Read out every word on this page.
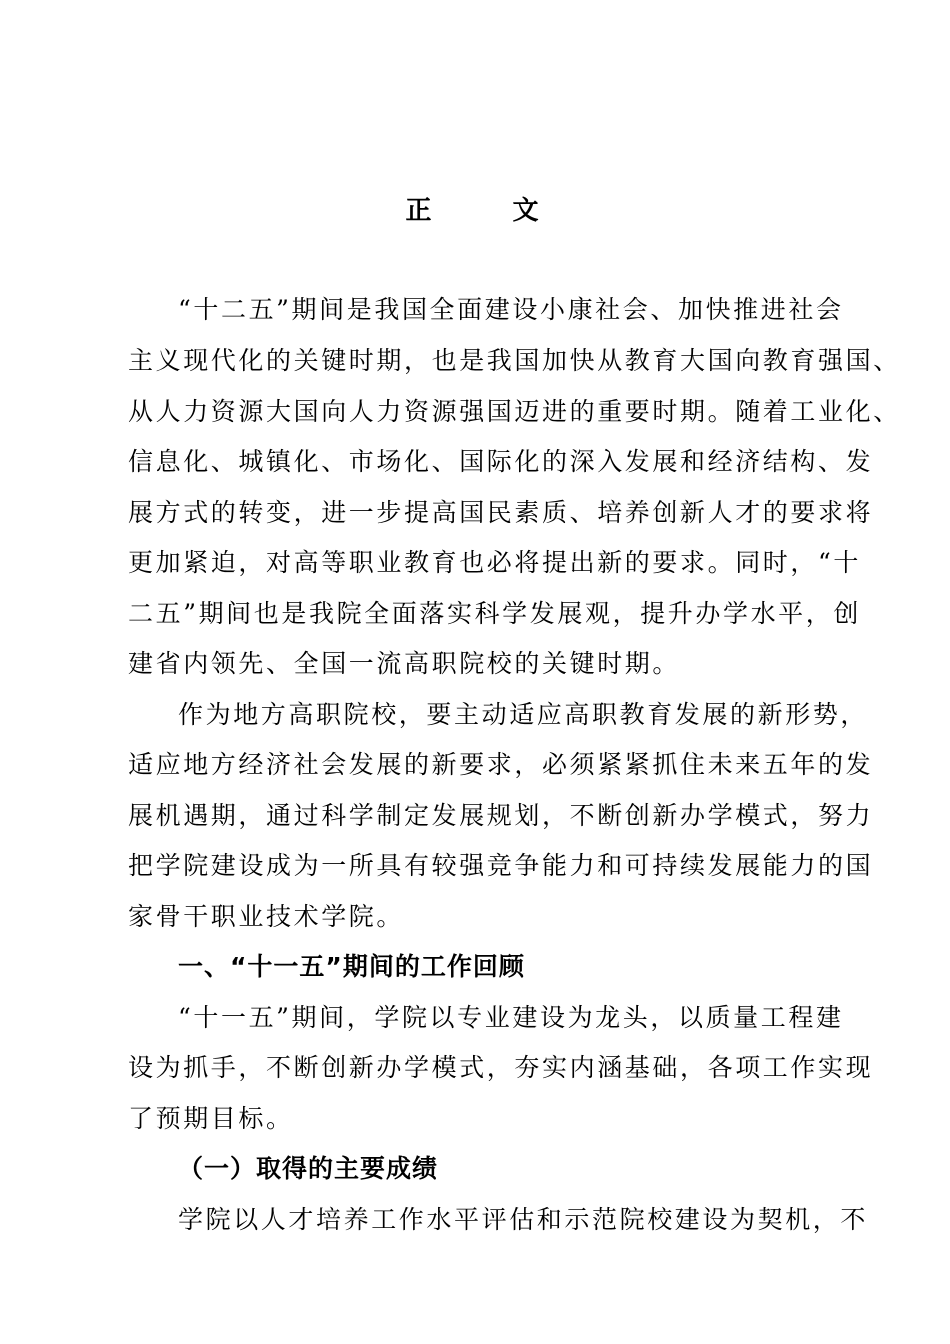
正 文
“十二五”期间是我国全面建设小康社会、加快推进社会
主义现代化的关键时期，也是我国加快从教育大国向教育强国、
从人力资源大国向人力资源强国迈进的重要时期。随着工业化、
信息化、城镇化、市场化、国际化的深入发展和经济结构、发
展方式的转变，进一步提高国民素质、培养创新人才的要求将
更加紧迫，对高等职业教育也必将提出新的要求。同时，“十
二五”期间也是我院全面落实科学发展观，提升办学水平，创
建省内领先、全国一流高职院校的关键时期。
作为地方高职院校，要主动适应高职教育发展的新形势，
适应地方经济社会发展的新要求，必须紧紧抓住未来五年的发
展机遇期，通过科学制定发展规划，不断创新办学模式，努力
把学院建设成为一所具有较强竞争能力和可持续发展能力的国
家骨干职业技术学院。
一、“十一五”期间的工作回顾
“十一五”期间，学院以专业建设为龙头，以质量工程建
设为抓手，不断创新办学模式，夯实内涵基础，各项工作实现
了预期目标。
（一）取得的主要成绩
学院以人才培养工作水平评估和示范院校建设为契机，不
